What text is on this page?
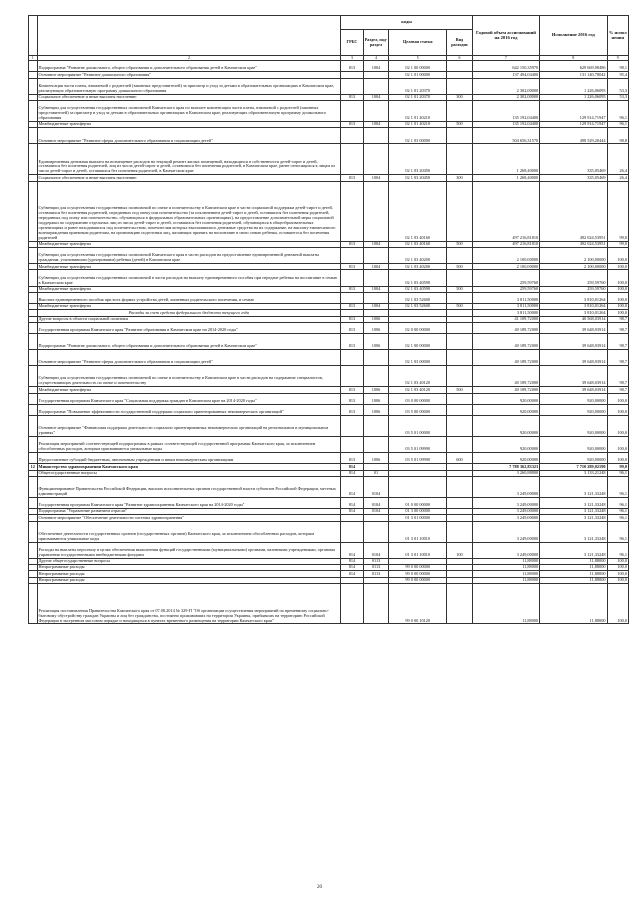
		коды				Годовой объем ассигнований на 2016 год	Исполнение 2016 год	% испол нения
		ГРБС	Раздел, под-раздел	Целевая статья	Вид расходов			
1	2	3	4	5	6	7	8	9
	Подпрограмма "Развитие дошкольного, общего образования и дополнительного образования детей в Камчатском крае"	813	1004	02 1 00 00000		642 150,35970	629 669,98486	98,1
	Основное мероприятие "Развитие дошкольного образования"			02 1 01 00000		137 494,04400	131 140,78042	95,4
	Компенсация части платы, взимаемой с родителей (законных представителей) за присмотр и уход за детьми в образовательных организациях в Камчатском крае, реализующих образовательную программу дошкольного образования			02 1 01 20370		2 302,00000	1 226,06095	53,3
	Социальное обеспечение и иные выплаты населению	813	1004	02 1 01 20370	300	2 302,00000	1 226,06095	53,3
	Субвенции для осуществления государственных полномочий Камчатского края по выплате компенсации части платы, взимаемой с родителей (законных представителей) за присмотр и уход за детьми в образовательных организациях в Камчатском крае, реализующих образовательную программу дошкольного образования			02 1 01 40210		135 192,04400	129 914,71947	96,1
	Межбюджетные трансферты	813	1004	02 1 01 40210	500	135 192,04400	129 914,71947	96,1
	Основное мероприятие "Развитие сферы дополнительного образования и социализации детей"			02 1 03 00000		504 656,31570	498 529,20444	98,8
	Единовременная денежная выплата на возмещение расходов на текущий ремонт жилых помещений, находящихся в собственности детей-сирот и детей, оставшихся без попечения родителей, лиц из числа детей-сирот и детей, оставшихся без попечения родителей, в Камчатском крае, ранее относящихся к лицам из числа детей-сирот и детей, оставшихся без попечения родителей, в Камчатском крае			02 1 03 20450		1 268,40000	335,05469	26,4
	Социальное обеспечение и иные выплаты населению	813	1004	02 1 03 20450	300	1 268,40000	335,05469	26,4
	Субвенции для осуществления государственных полномочий по опеке и попечительству в Камчатском крае в части социальной поддержки детей-сирот и детей, оставшихся без попечения родителей, переданных под опеку или попечительство (за исключением детей-сирот и детей, оставшихся без попечения родителей, переданных под опеку или попечительство, обучающихся в федеральных образовательных организациях), на предоставление дополнительной меры социальной поддержки по содержанию отдельных лиц из числа детей-сирот и детей, оставшихся без попечения родителей, обучающихся в общеобразовательных организациях и ранее находившихся под попечительством, попечителям которых выплачивались денежные средства на их содержание, на выплату ежемесячного вознаграждения приемным родителям, на организацию подготовки лиц, желающих принять на воспитание в свою семью ребенка, оставшегося без попечения родителей			02 1 03 40160		497 216,81810	492 024,53951	99,0
	Межбюджетные трансферты	813	1004	02 1 03 40160	500	497 216,81810	492 024,53951	99,0
	Субвенции для осуществления государственных полномочий Камчатского края в части расходов на предоставление единовременной денежной выплаты гражданам, усыновившим (удочерившим) ребенка (детей) в Камчатском крае			02 1 03 40200		2 100,00000	2 100,00000	100,0
	Межбюджетные трансферты	813	1004	02 1 03 40200	500	2 100,00000	2 100,00000	100,0
	Субвенции для осуществления государственных полномочий в части расходов на выплату единовременного пособия при передаче ребенка на воспитание в семью в Камчатском крае			02 1 03 40590		259,59760	259,59760	100,0
	Межбюджетные трансферты	813	1004	02 1 03 40590	500	259,59760	259,59760	100,0
	Выплата единовременного пособия при всех формах устройства детей, лишенных родительского попечения, в семью			02 1 03 52600		3 811,50000	3 810,01264	100,0
	Межбюджетные трансферты	813	1004	02 1 03 52600	500	3 811,50000	3 810,01264	100,0
	Расходы за счет средств федерального бюджета текущего года					3 811,50000	3 810,01264	100,0
	Другие вопросы в области социальной политики	813	1006			41 109,72000	40 568,03914	98,7
	Государственная программа Камчатского края "Развитие образования в Камчатском крае на 2014-2020 годы"	813	1006	02 0 00 00000		40 189,72000	39 648,03914	98,7
	Подпрограмма "Развитие дошкольного, общего образования и дополнительного образования детей в Камчатском крае"	813	1006	02 1 00 00000		40 189,72000	39 648,03914	98,7
	Основное мероприятие "Развитие сферы дополнительного образования и социализации детей"			02 1 03 00000		40 189,72000	39 648,03914	98,7
	Субвенции для осуществления государственных полномочий по опеке и попечительству в Камчатском крае в части расходов на содержание специалистов, осуществляющих деятельность по опеке и попечительству			02 1 03 40120		40 189,72000	39 648,03914	98,7
	Межбюджетные трансферты	813	1006	02 1 03 40120	500	40 189,72000	39 648,03914	98,7
	Государственная программа Камчатского края "Социальная поддержка граждан в Камчатском крае на 2014-2020 годы"	813	1006	03 0 00 00000		920,00000	920,00000	100,0
	Подпрограмма "Повышение эффективности государственной поддержки социально ориентированных некоммерческих организаций"	813	1006	03 5 00 00000		920,00000	920,00000	100,0
	Основное мероприятие "Финансовая поддержка деятельности социально ориентированных некоммерческих организаций на региональном и муниципальном уровнях"			03 5 01 00000		920,00000	920,00000	100,0
	Реализация мероприятий соответствующей подпрограммы в рамках соответствующей государственной программы Камчатского края, за исключением обособленных расходов, которым присваиваются уникальные коды			03 5 01 09990		920,00000	920,00000	100,0
	Предоставление субсидий бюджетным, автономным учреждениям и иным некоммерческим организациям	813	1006	03 5 01 09990	600	920,00000	920,00000	100,0
12	Министерство здравоохранения Камчатского края	814				7 788 362,83323	7 710 289,02190	99,0
	Общегосударственные вопросы	814	01			3 260,88000	3 133,21248	96,1
	Функционирование Правительства Российской Федерации, высших исполнительных органов государственной власти субъектов Российской Федерации, местных администраций	814	0104			3 249,00000	3 121,33248	96,1
	Государственная программа Камчатского края "Развитие здравоохранения Камчатского края на 2014-2020 годы"	814	0104	01 0 00 00000		3 249,00000	3 121,33248	96,1
	Подпрограмма "Управление развитием отрасли"	814	0104	01 3 00 00000		3 249,00000	3 121,33248	96,1
	Основное мероприятие "Обеспечение деятельности системы здравоохранения"			01 3 01 00000		3 249,00000	3 121,33248	96,1
	Обеспечение деятельности государственных органов (государственных органов) Камчатского края, за исключением обособленных расходов, которым присваиваются уникальные коды			01 3 01 10010		3 249,00000	3 121,33248	96,1
	Расходы на выплаты персоналу в целях обеспечения выполнения функций государственными (муниципальными) органами, казенными учреждениями, органами управления государственными внебюджетными фондами	814	0104	01 3 01 10010	100	3 249,00000	3 121,33248	96,1
	Другие общегосударственные вопросы	814	0113			11,88000	11,88000	100,0
	Непрограммные расходы	814	0113	99 0 00 00000		11,88000	11,88000	100,0
	Непрограммные расходы	814	0113	99 0 00 00000		11,88000	11,88000	100,0
	Непрограммные расходы			99 0 00 00000		11,88000	11,88000	100,0
	Реализация постановления Правительства Камчатского края от 07.08.2014 № 329-П "Об организации осуществления мероприятий по временному социально-бытовому обустройству граждан Украины и лиц без гражданства, постоянно проживавших на территории Украины, прибывших на территорию Российской Федерации в экстренном массовом порядке и находящихся в пунктах временного размещения на территории Камчатского края"			99 0 00 10120		11,88000	11,88000	100,0
20
